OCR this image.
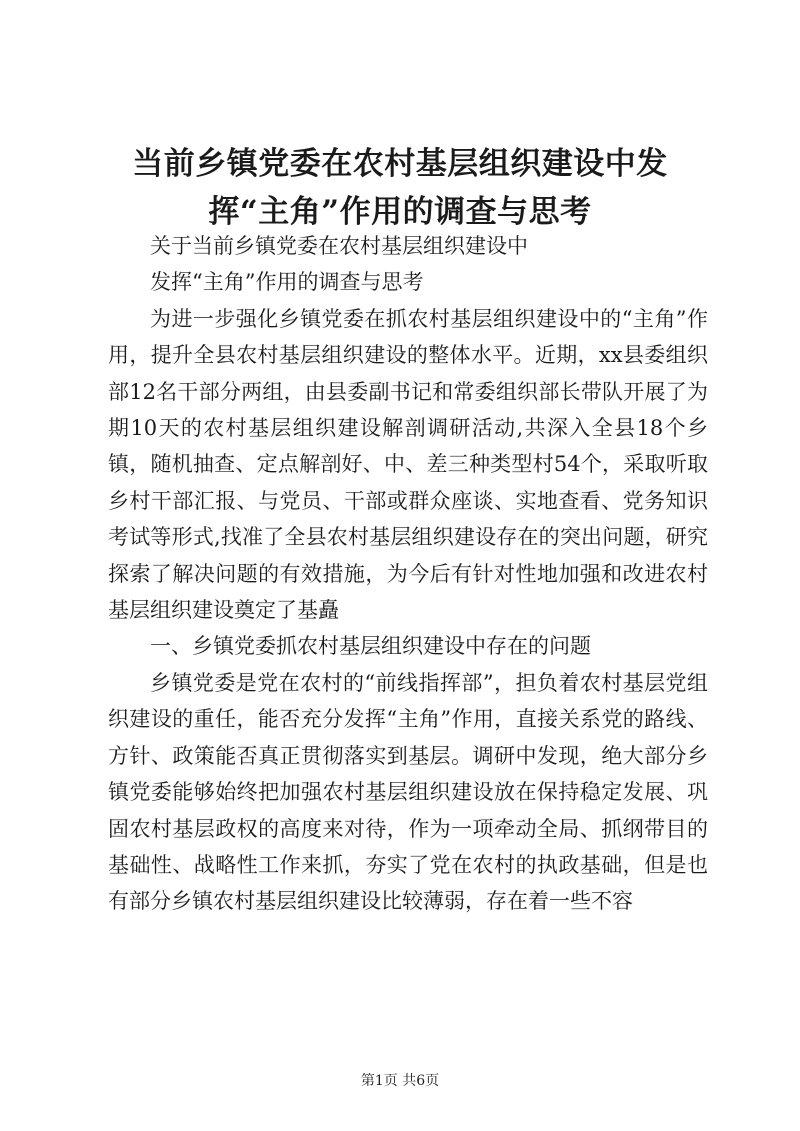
当前乡镇党委在农村基层组织建设中发挥“主角”作用的调查与思考

关于当前乡镇党委在农村基层组织建设中

发挥“主角”作用的调查与思考

为进一步强化乡镇党委在抓农村基层组织建设中的“主角”作用，提升全县农村基层组织建设的整体水平。近期，xx县委组织部12名干部分两组，由县委副书记和常委组织部长带队开展了为期10天的农村基层组织建设解剖调研活动,共深入全县18个乡镇，随机抽查、定点解剖好、中、差三种类型村54个，采取听取乡村干部汇报、与党员、干部或群众座谈、实地查看、党务知识考试等形式,找准了全县农村基层组织建设存在的突出问题，研究探索了解决问题的有效措施，为今后有针对性地加强和改进农村基层组织建设奠定了基矗

一、乡镇党委抓农村基层组织建设中存在的问题

乡镇党委是党在农村的“前线指挥部”，担负着农村基层党组织建设的重任，能否充分发挥“主角”作用，直接关系党的路线、方针、政策能否真正贯彻落实到基层。调研中发现，绝大部分乡镇党委能够始终把加强农村基层组织建设放在保持稳定发展、巩固农村基层政权的高度来对待，作为一项牵动全局、抓纲带目的基础性、战略性工作来抓，夯实了党在农村的执政基础，但是也有部分乡镇农村基层组织建设比较薄弱，存在着一些不容

第1页 共6页
